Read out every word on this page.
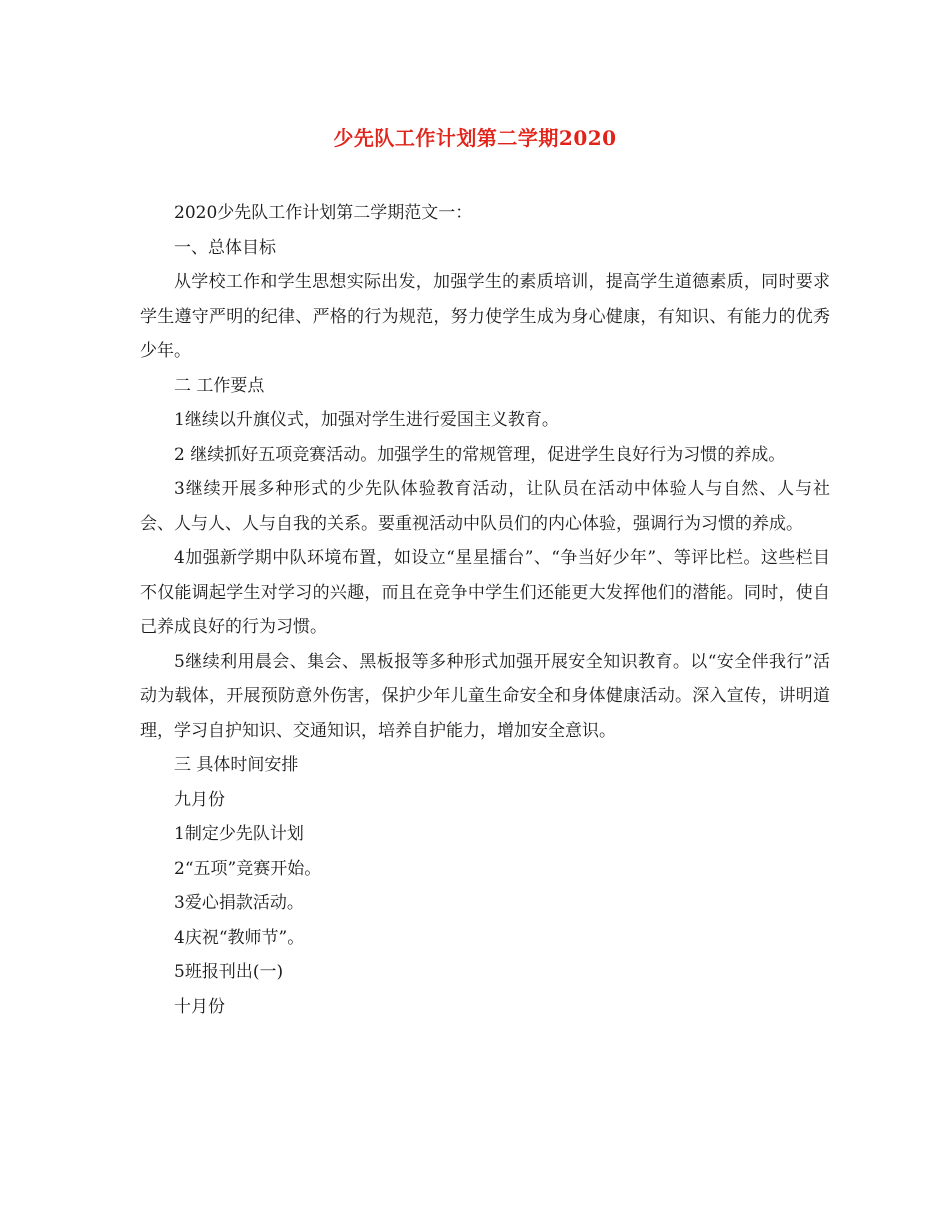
少先队工作计划第二学期2020

2020少先队工作计划第二学期范文一：

一、总体目标

从学校工作和学生思想实际出发，加强学生的素质培训，提高学生道德素质，同时要求学生遵守严明的纪律、严格的行为规范，努力使学生成为身心健康，有知识、有能力的优秀少年。

二 工作要点

1继续以升旗仪式，加强对学生进行爱国主义教育。

2 继续抓好五项竞赛活动。加强学生的常规管理，促进学生良好行为习惯的养成。

3继续开展多种形式的少先队体验教育活动，让队员在活动中体验人与自然、人与社会、人与人、人与自我的关系。要重视活动中队员们的内心体验，强调行为习惯的养成。

4加强新学期中队环境布置，如设立“星星擂台”、“争当好少年”、等评比栏。这些栏目不仅能调起学生对学习的兴趣，而且在竞争中学生们还能更大发挥他们的潜能。同时，使自己养成良好的行为习惯。

5继续利用晨会、集会、黑板报等多种形式加强开展安全知识教育。以“安全伴我行”活动为载体，开展预防意外伤害，保护少年儿童生命安全和身体健康活动。深入宣传，讲明道理，学习自护知识、交通知识，培养自护能力，增加安全意识。

三 具体时间安排

九月份

1制定少先队计划

2“五项”竞赛开始。

3爱心捐款活动。

4庆祝“教师节”。

5班报刊出(一)

十月份
